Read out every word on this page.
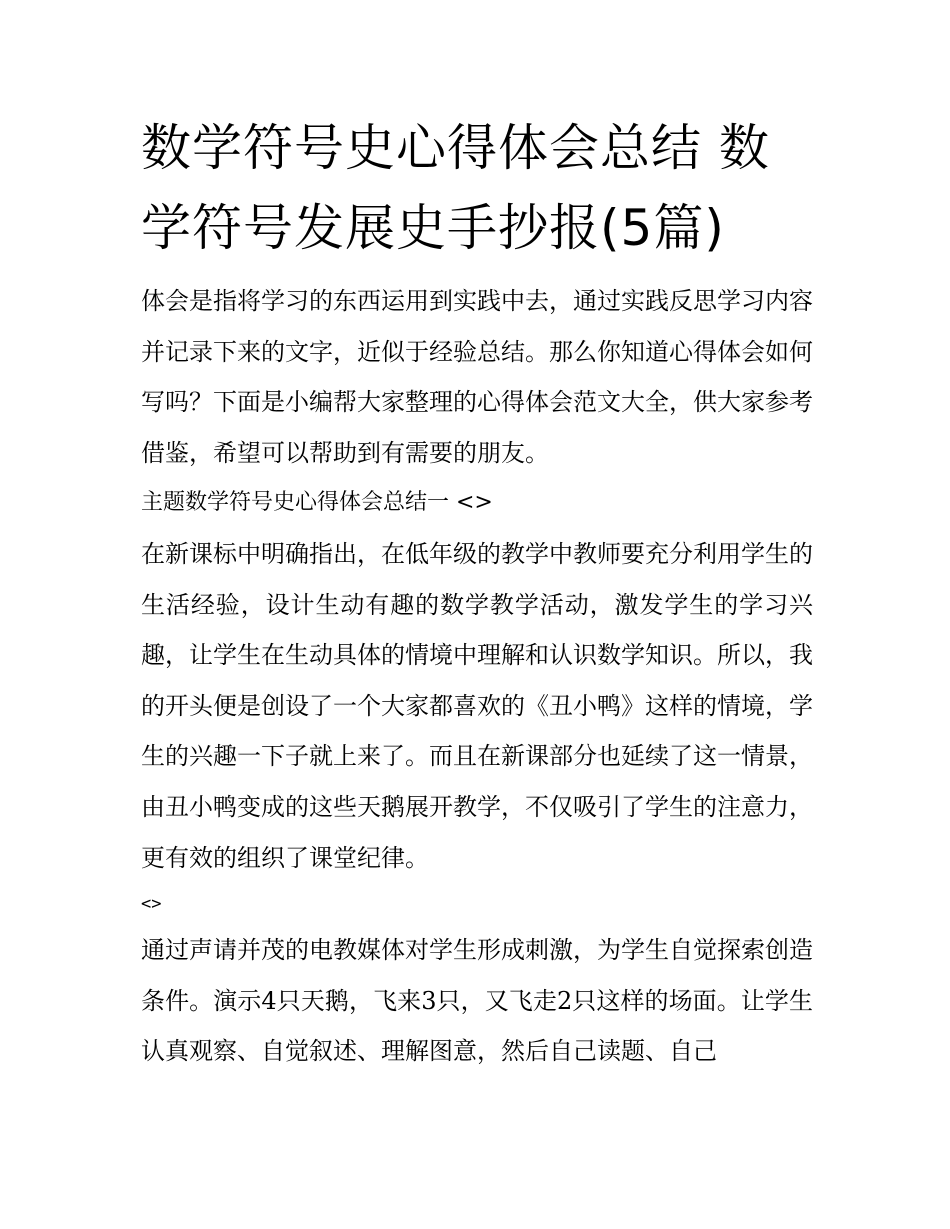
数学符号史心得体会总结 数学符号发展史手抄报(5篇)

体会是指将学习的东西运用到实践中去，通过实践反思学习内容并记录下来的文字，近似于经验总结。那么你知道心得体会如何写吗？下面是小编帮大家整理的心得体会范文大全，供大家参考借鉴，希望可以帮助到有需要的朋友。

主题数学符号史心得体会总结一 <>

在新课标中明确指出，在低年级的教学中教师要充分利用学生的生活经验，设计生动有趣的数学教学活动，激发学生的学习兴趣，让学生在生动具体的情境中理解和认识数学知识。所以，我的开头便是创设了一个大家都喜欢的《丑小鸭》这样的情境，学生的兴趣一下子就上来了。而且在新课部分也延续了这一情景，由丑小鸭变成的这些天鹅展开教学，不仅吸引了学生的注意力，更有效的组织了课堂纪律。

<>

通过声请并茂的电教媒体对学生形成刺激，为学生自觉探索创造条件。演示4只天鹅，飞来3只，又飞走2只这样的场面。让学生认真观察、自觉叙述、理解图意，然后自己读题、自己
